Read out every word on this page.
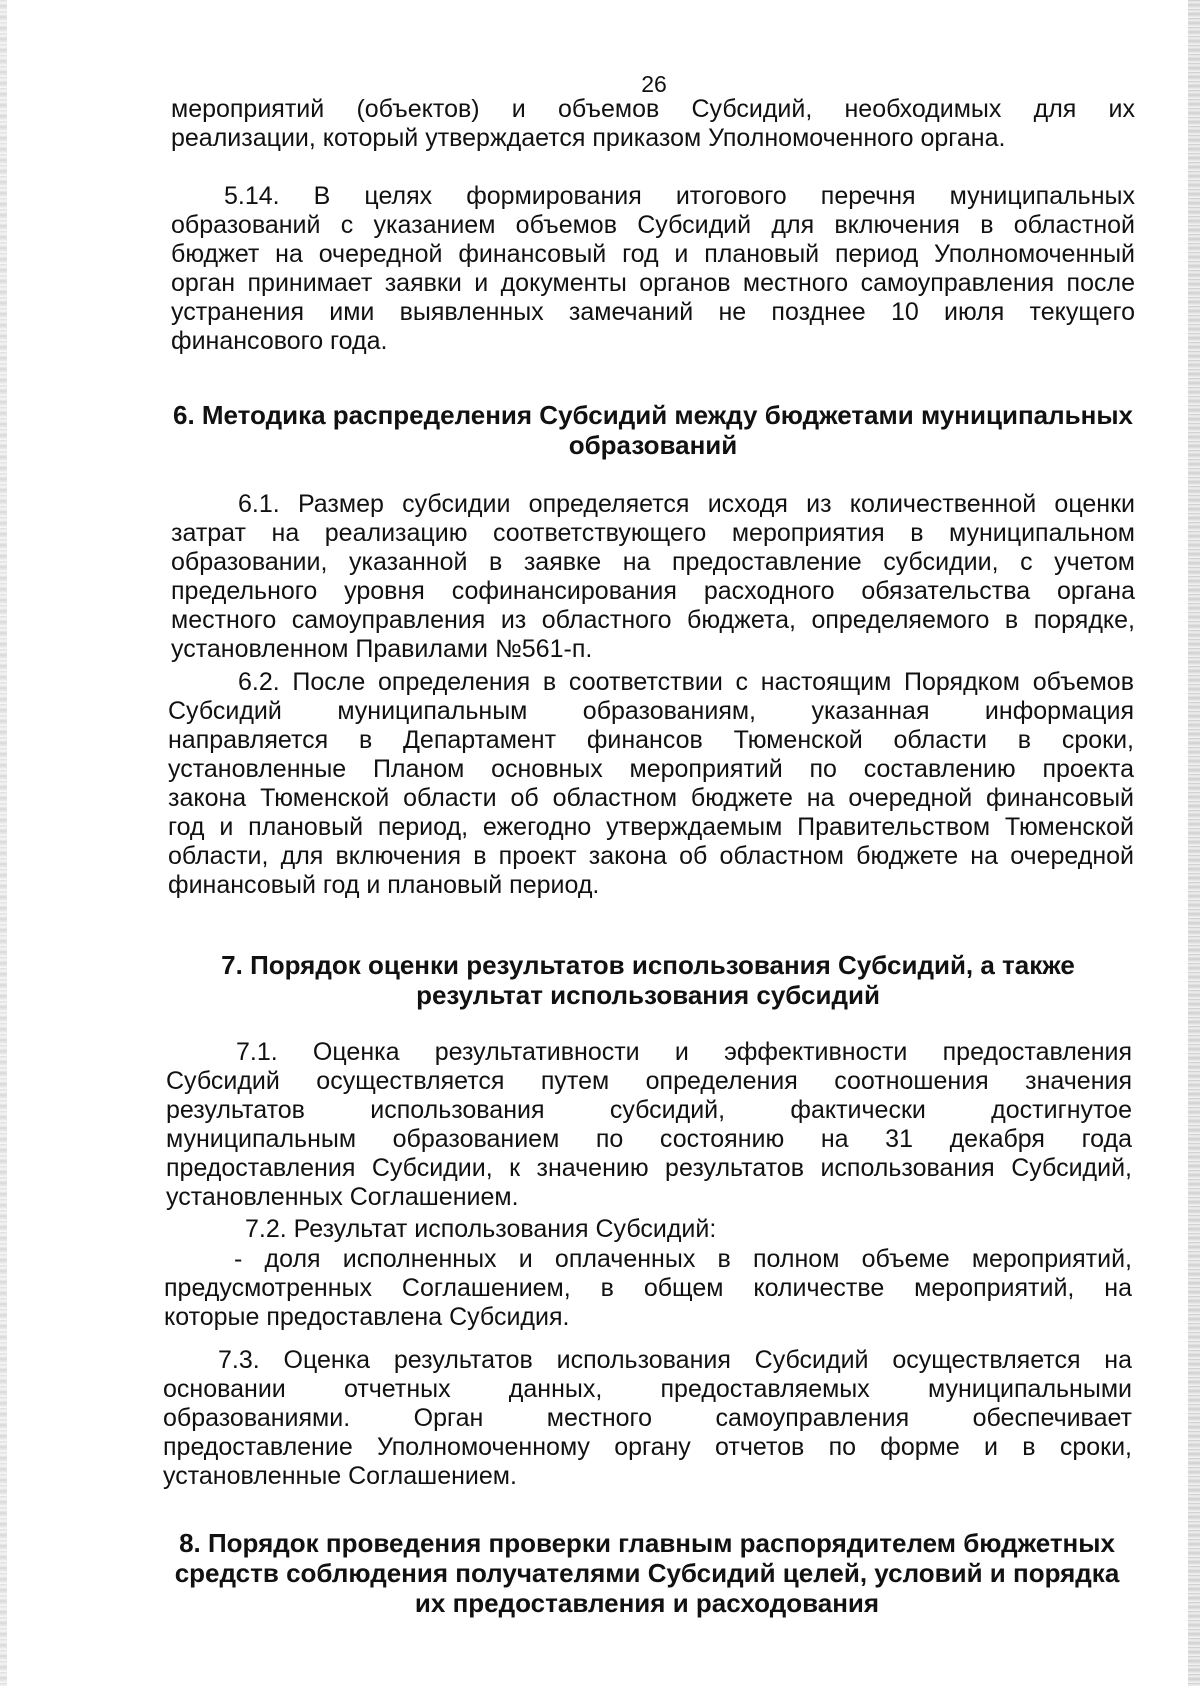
26
мероприятий (объектов) и объемов Субсидий, необходимых для их
реализации, который утверждается приказом Уполномоченного органа.
5.14. В целях формирования итогового перечня муниципальных
образований с указанием объемов Субсидий для включения в областной
бюджет на очередной финансовый год и плановый период Уполномоченный
орган принимает заявки и документы органов местного самоуправления после
устранения ими выявленных замечаний не позднее 10 июля текущего
финансового года.
6. Методика распределения Субсидий между бюджетами муниципальных
образований
6.1. Размер субсидии определяется исходя из количественной оценки
затрат на реализацию соответствующего мероприятия в муниципальном
образовании, указанной в заявке на предоставление субсидии, с учетом
предельного уровня софинансирования расходного обязательства органа
местного самоуправления из областного бюджета, определяемого в порядке,
установленном Правилами №561-п.
6.2. После определения в соответствии с настоящим Порядком объемов
Субсидий муниципальным образованиям, указанная информация
направляется в Департамент финансов Тюменской области в сроки,
установленные Планом основных мероприятий по составлению проекта
закона Тюменской области об областном бюджете на очередной финансовый
год и плановый период, ежегодно утверждаемым Правительством Тюменской
области, для включения в проект закона об областном бюджете на очередной
финансовый год и плановый период.
7. Порядок оценки результатов использования Субсидий, а также
результат использования субсидий
7.1. Оценка результативности и эффективности предоставления
Субсидий осуществляется путем определения соотношения значения
результатов использования субсидий, фактически достигнутое
муниципальным образованием по состоянию на 31 декабря года
предоставления Субсидии, к значению результатов использования Субсидий,
установленных Соглашением.
7.2. Результат использования Субсидий:
- доля исполненных и оплаченных в полном объеме мероприятий,
предусмотренных Соглашением, в общем количестве мероприятий, на
которые предоставлена Субсидия.
7.3. Оценка результатов использования Субсидий осуществляется на
основании отчетных данных, предоставляемых муниципальными
образованиями. Орган местного самоуправления обеспечивает
предоставление Уполномоченному органу отчетов по форме и в сроки,
установленные Соглашением.
8. Порядок проведения проверки главным распорядителем бюджетных
средств соблюдения получателями Субсидий целей, условий и порядка
их предоставления и расходования
